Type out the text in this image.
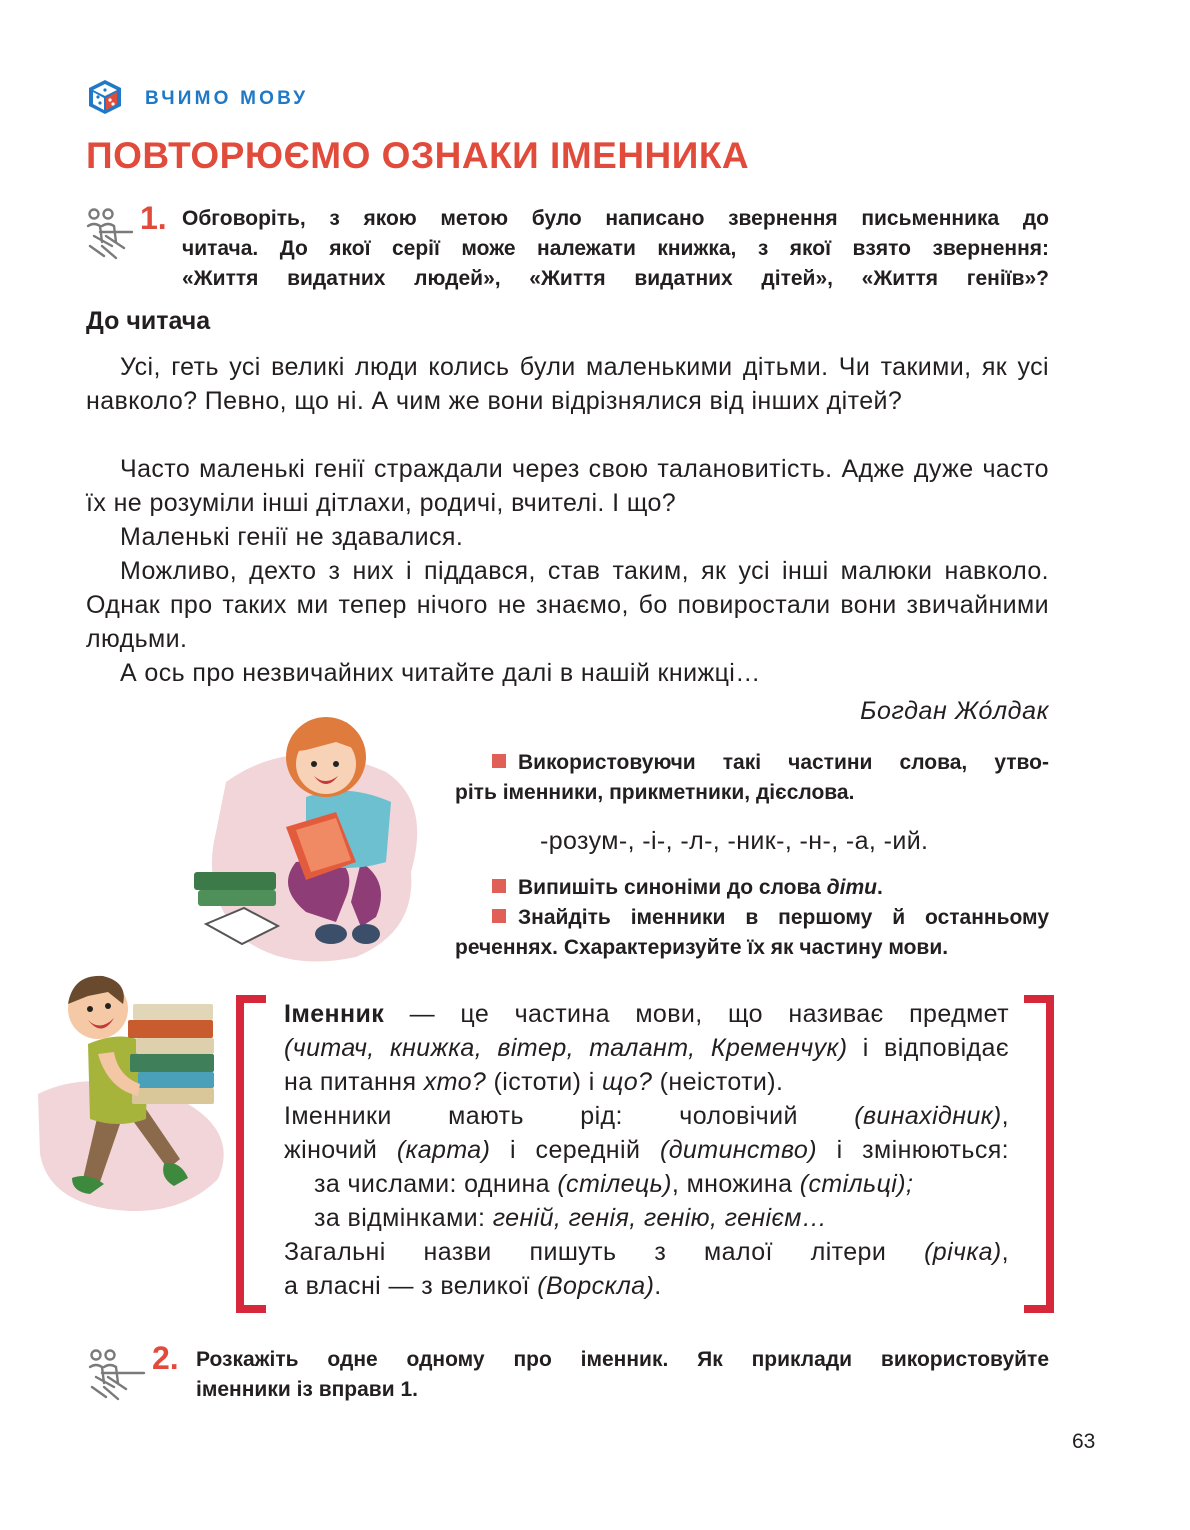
ВЧИМО МОВУ
ПОВТОРЮЄМО ОЗНАКИ ІМЕННИКА
1. Обговоріть, з якою метою було написано звернення письменника до
читача. До якої серії може належати книжка, з якої взято звернення:
«Життя видатних людей», «Життя видатних дітей», «Життя геніїв»?
До читача

Усі, геть усі великі люди колись були маленькими дітьми. Чи такими, як усі навколо? Певно, що ні. А чим же вони відрізнялися від інших дітей?

Часто маленькі генії страждали через свою талановитість. Адже дуже часто їх не розуміли інші дітлахи, родичі, вчителі. І що?

Маленькі генії не здавалися.

Можливо, дехто з них і піддався, став таким, як усі інші малюки навколо. Однак про таких ми тепер нічого не знаємо, бо повиростали вони звичайними людьми.

А ось про незвичайних читайте далі в нашій книжці…

Богдан Жо́лдак
Використовуючи такі частини слова, утво-
ріть іменники, прикметники, дієслова.
-розум-, -і-, -л-, -ник-, -н-, -а, -ий.
Випишіть синоніми до слова діти.
Знайдіть іменники в першому й останньому
реченнях. Схарактеризуйте їх як частину мови.
Іменник — це частина мови, що називає предмет
(читач, книжка, вітер, талант, Кременчук) і відповідає
на питання хто? (істоти) і що? (неістоти).
Іменники мають рід: чоловічий (винахідник),
жіночий (карта) і середній (дитинство) і змінюються:
за числами: однина (стілець), множина (стільці);
за відмінками: геній, генія, генію, генієм…
Загальні назви пишуть з малої літери (річка),
а власні — з великої (Ворскла).
2. Розкажіть одне одному про іменник. Як приклади використовуйте
іменники із вправи 1.
63
